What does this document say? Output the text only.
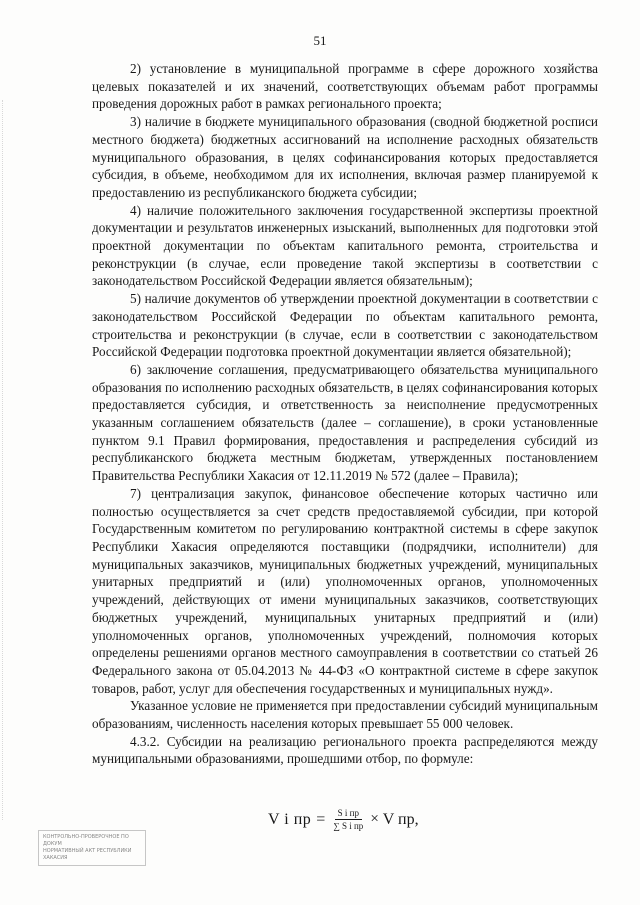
51

2) установление в муниципальной программе в сфере дорожного хозяйства целевых показателей и их значений, соответствующих объемам работ программы проведения дорожных работ в рамках регионального проекта;

3) наличие в бюджете муниципального образования (сводной бюджетной росписи местного бюджета) бюджетных ассигнований на исполнение расходных обязательств муниципального образования, в целях софинансирования которых предоставляется субсидия, в объеме, необходимом для их исполнения, включая размер планируемой к предоставлению из республиканского бюджета субсидии;

4) наличие положительного заключения государственной экспертизы проектной документации и результатов инженерных изысканий, выполненных для подготовки этой проектной документации по объектам капитального ремонта, строительства и реконструкции (в случае, если проведение такой экспертизы в соответствии с законодательством Российской Федерации является обязательным);

5) наличие документов об утверждении проектной документации в соответствии с законодательством Российской Федерации по объектам капитального ремонта, строительства и реконструкции (в случае, если в соответствии с законодательством Российской Федерации подготовка проектной документации является обязательной);

6) заключение соглашения, предусматривающего обязательства муниципального образования по исполнению расходных обязательств, в целях софинансирования которых предоставляется субсидия, и ответственность за неисполнение предусмотренных указанным соглашением обязательств (далее – соглашение), в сроки установленные пунктом 9.1 Правил формирования, предоставления и распределения субсидий из республиканского бюджета местным бюджетам, утвержденных постановлением Правительства Республики Хакасия от 12.11.2019 № 572 (далее – Правила);

7) централизация закупок, финансовое обеспечение которых частично или полностью осуществляется за счет средств предоставляемой субсидии, при которой Государственным комитетом по регулированию контрактной системы в сфере закупок Республики Хакасия определяются поставщики (подрядчики, исполнители) для муниципальных заказчиков, муниципальных бюджетных учреждений, муниципальных унитарных предприятий и (или) уполномоченных органов, уполномоченных учреждений, действующих от имени муниципальных заказчиков, соответствующих бюджетных учреждений, муниципальных унитарных предприятий и (или) уполномоченных органов, уполномоченных учреждений, полномочия которых определены решениями органов местного самоуправления в соответствии со статьей 26 Федерального закона от 05.04.2013 № 44-ФЗ «О контрактной системе в сфере закупок товаров, работ, услуг для обеспечения государственных и муниципальных нужд».

Указанное условие не применяется при предоставлении субсидий муниципальным образованиям, численность населения которых превышает 55 000 человек.

4.3.2. Субсидии на реализацию регионального проекта распределяются между муниципальными образованиями, прошедшими отбор, по формуле:

V i пр = $\frac{\text{S i пр}}{\text{∑ S i пр}} \times V$ пр,
КОНТРОЛЬНО-ПРОВЕРОЧНОЕ ПО ДОКУМ
НОРМАТИВНЫЙ АКТ РЕСПУБЛИКИ
ХАКАСИЯ
